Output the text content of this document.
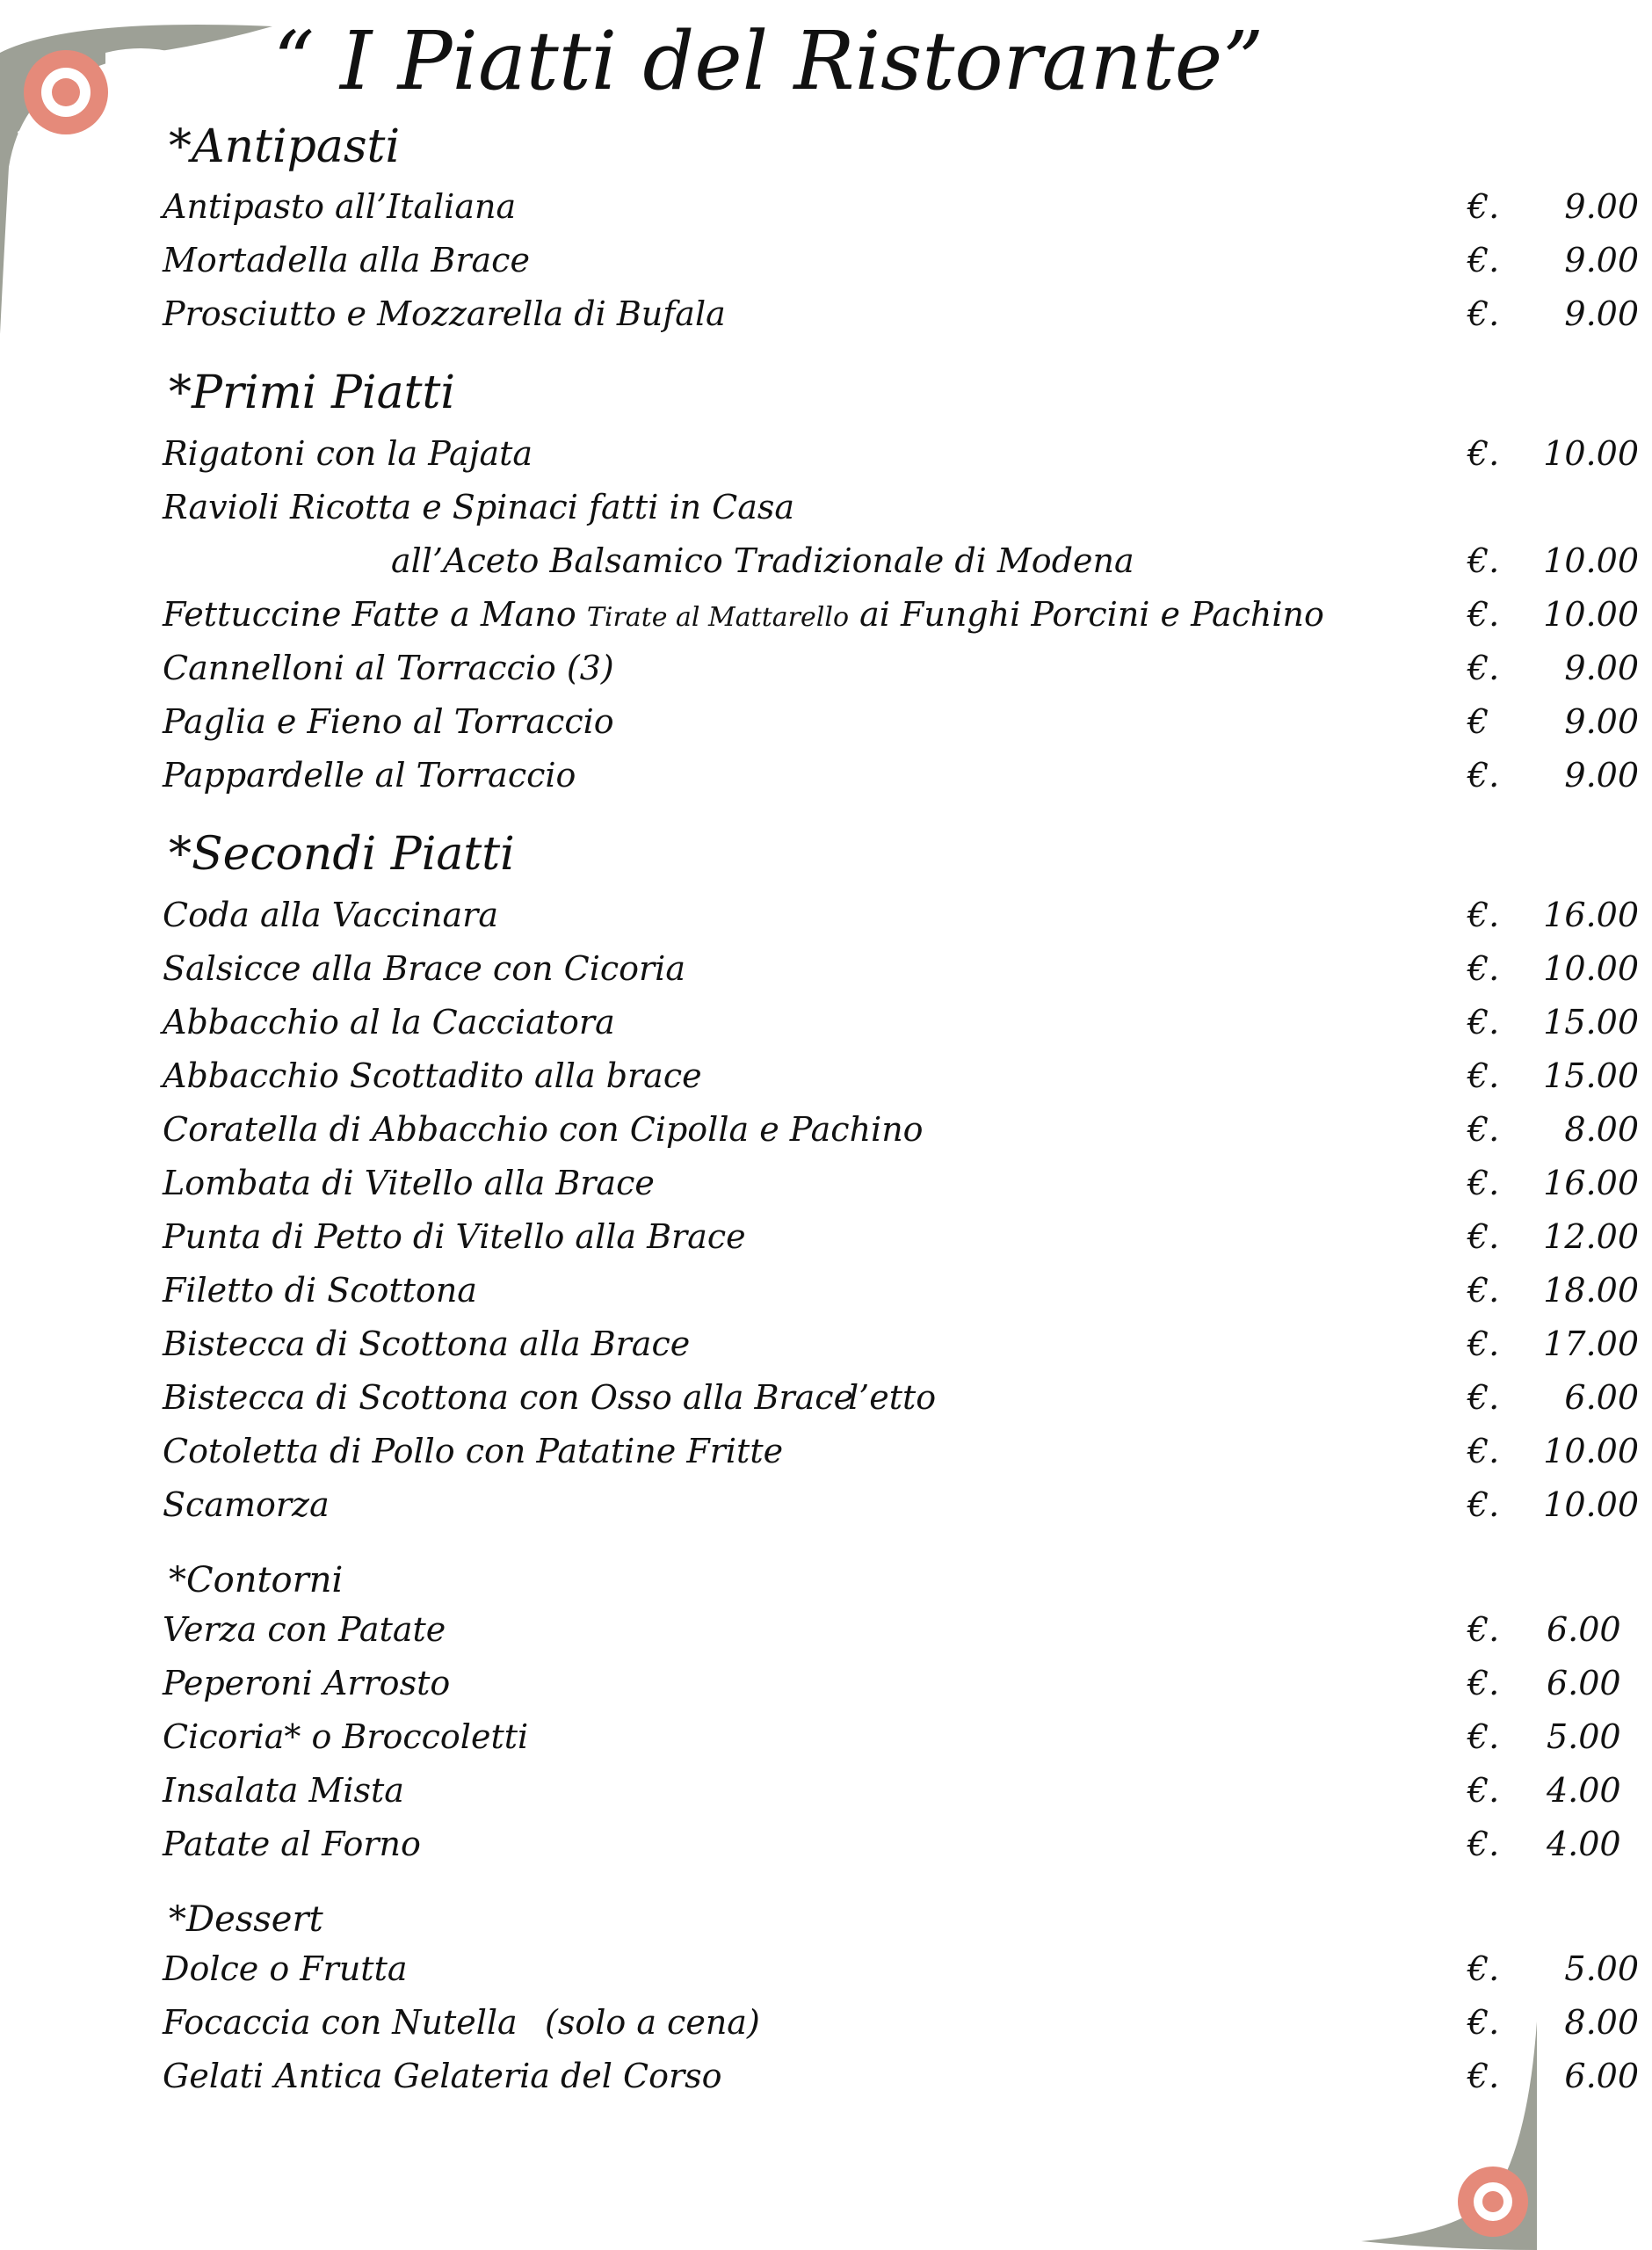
“ I Piatti del Ristorante”
*Antipasti
Antipasto all’Italiana	€.	9.00
Mortadella alla Brace	€.	9.00
Prosciutto e Mozzarella di Bufala	€.	9.00
*Primi Piatti
Rigatoni con la Pajata	€. 10.00
Ravioli Ricotta e Spinaci fatti in Casa
all’Aceto Balsamico Tradizionale di Modena	€. 10.00
Fettuccine Fatte a Mano Tirate al Mattarello ai Funghi Porcini e Pachino	€. 10.00
Cannelloni al Torraccio (3)	€.	9.00
Paglia e Fieno al Torraccio	€	9.00
Pappardelle al Torraccio	€.	9.00
*Secondi Piatti
Coda alla Vaccinara	€. 16.00
Salsicce alla Brace con Cicoria	€. 10.00
Abbacchio al la Cacciatora	€. 15.00
Abbacchio Scottadito alla brace	€. 15.00
Coratella di Abbacchio con Cipolla e Pachino	€.	8.00
Lombata di Vitello alla Brace	€. 16.00
Punta di Petto di Vitello alla Brace	€. 12.00
Filetto di Scottona	€. 18.00
Bistecca di Scottona alla Brace	€. 17.00
Bistecca di Scottona con Osso alla Brace
l’etto	€.	6.00
Cotoletta di Pollo con Patatine Fritte	€. 10.00
Scamorza	€. 10.00
*Contorni
Verza con Patate	€. 6.00
Peperoni Arrosto	€. 6.00
Cicoria* o Broccoletti	€. 5.00
Insalata Mista	€. 4.00
Patate al Forno	€. 4.00
*Dessert
Dolce o Frutta	€.	5.00
Focaccia con Nutella (solo a cena)	€.	8.00
Gelati Antica Gelateria del Corso	€.	6.00
